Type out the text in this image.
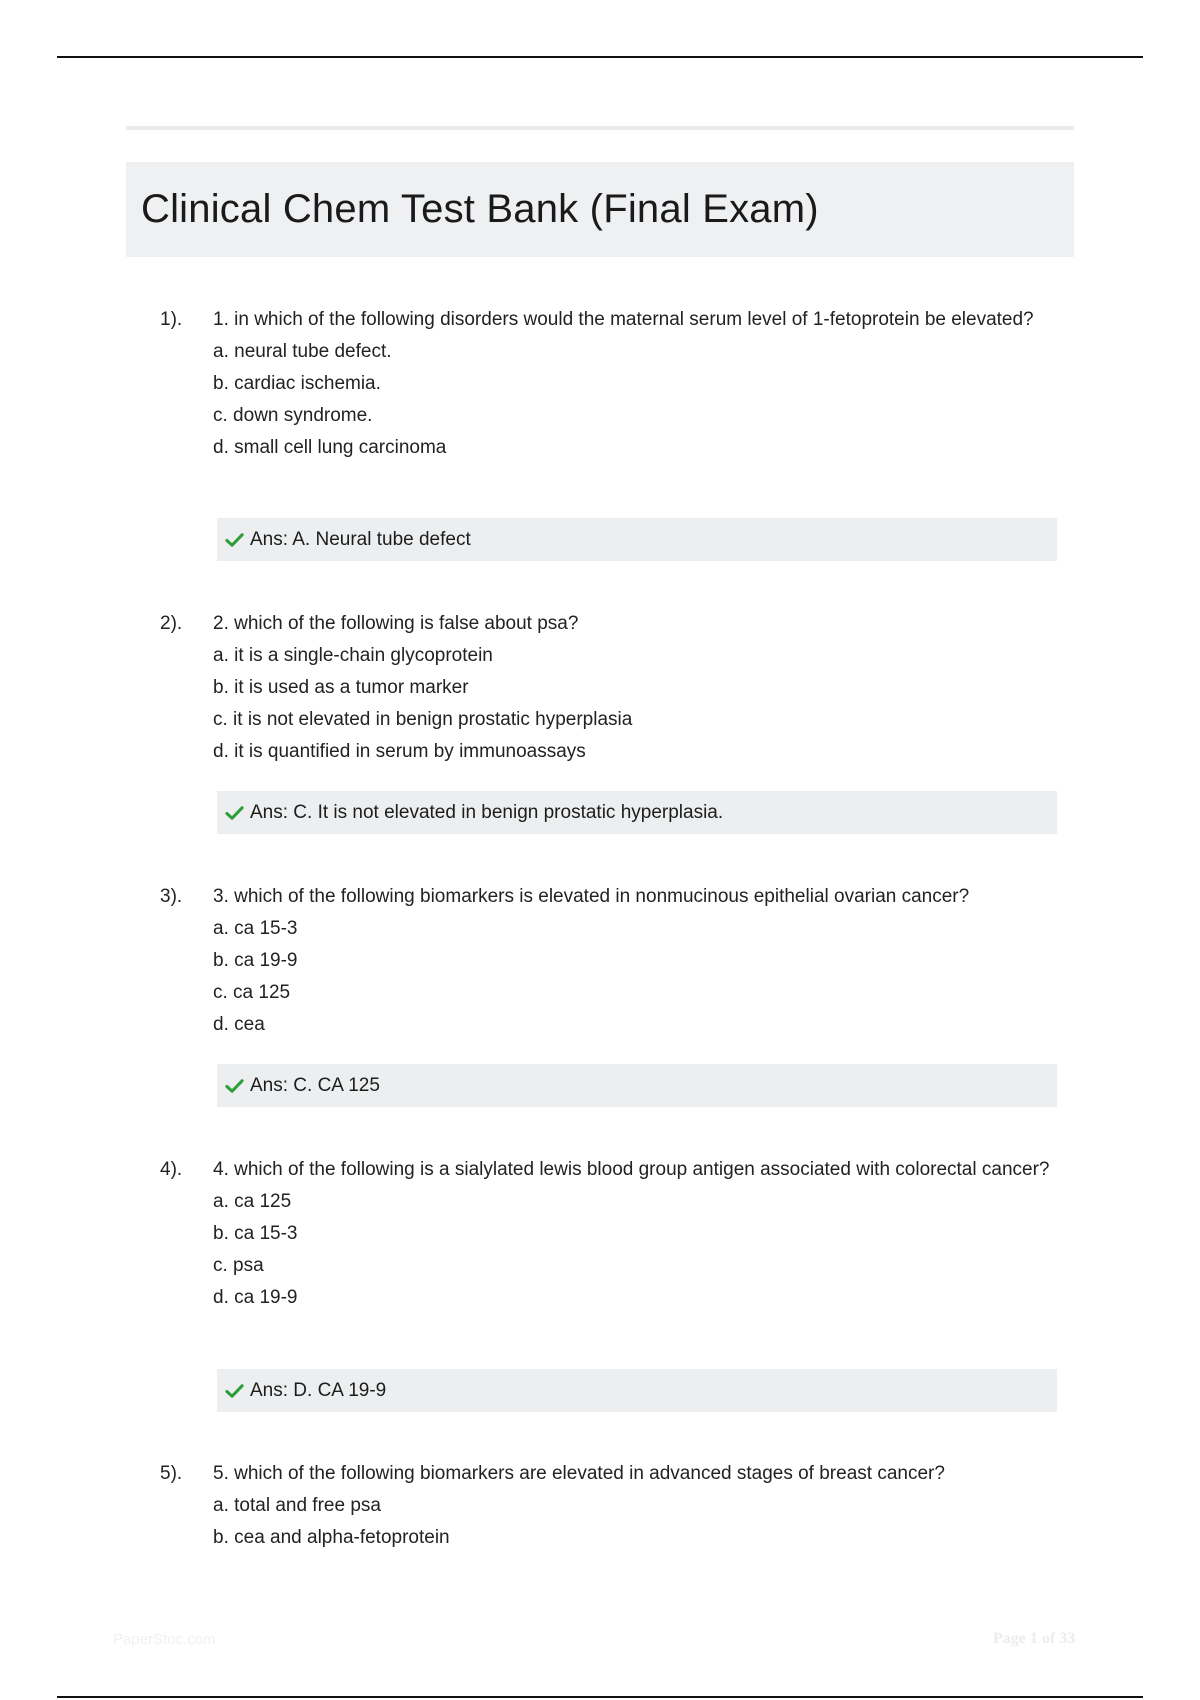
Clinical Chem Test Bank (Final Exam)
1). 1. in which of the following disorders would the maternal serum level of 1-fetoprotein be elevated?
a. neural tube defect.
b. cardiac ischemia.
c. down syndrome.
d. small cell lung carcinoma
Ans: A. Neural tube defect
2). 2. which of the following is false about psa?
a. it is a single-chain glycoprotein
b. it is used as a tumor marker
c. it is not elevated in benign prostatic hyperplasia
d. it is quantified in serum by immunoassays
Ans: C. It is not elevated in benign prostatic hyperplasia.
3). 3. which of the following biomarkers is elevated in nonmucinous epithelial ovarian cancer?
a. ca 15-3
b. ca 19-9
c. ca 125
d. cea
Ans: C. CA 125
4). 4. which of the following is a sialylated lewis blood group antigen associated with colorectal cancer?
a. ca 125
b. ca 15-3
c. psa
d. ca 19-9
Ans: D. CA 19-9
5). 5. which of the following biomarkers are elevated in advanced stages of breast cancer?
a. total and free psa
b. cea and alpha-fetoprotein
PaperStoc.com	Page 1 of 33
